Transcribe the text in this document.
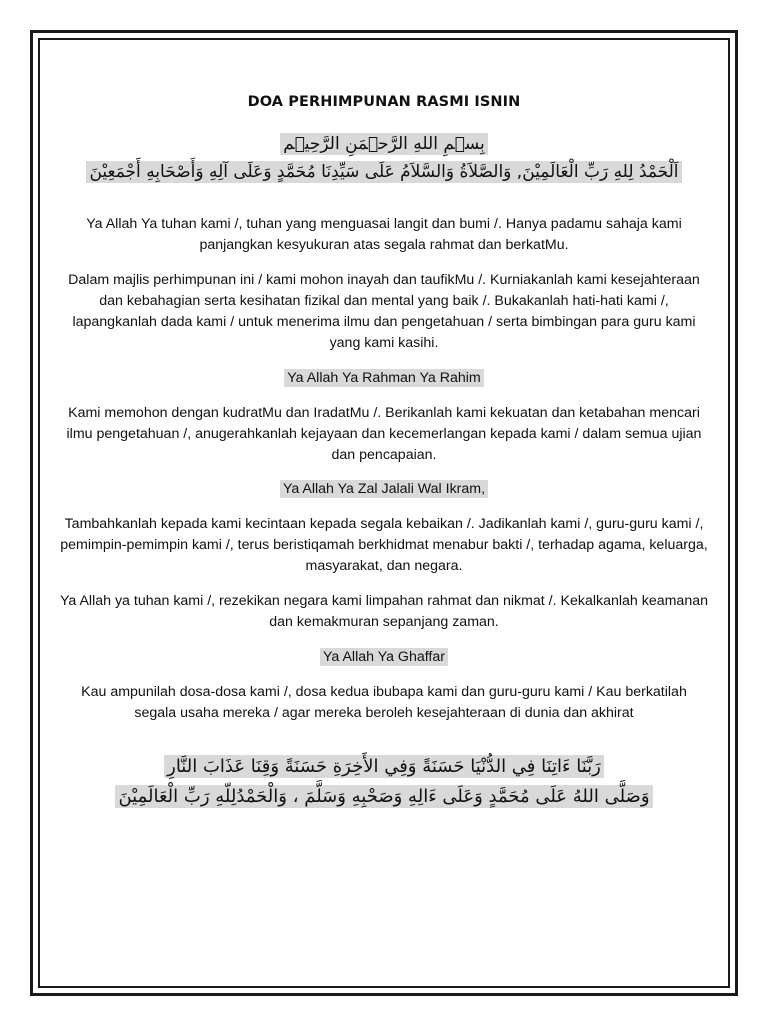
DOA PERHIMPUNAN RASMI ISNIN
بِسۡمِ اللهِ الرَّحۡمَنِ الرَّحِيۡم
اَلْحَمْدُ لِلهِ رَبِّ الْعَالَمِيْنَ, وَالصَّلاَةُ وَالسَّلاَمُ عَلَى سَيِّدِنَا مُحَمَّدٍ وَعَلَى آلِهِ وَأَصْحَابِهِ أَجْمَعِيْنَ

Ya Allah Ya tuhan kami /, tuhan yang menguasai langit dan bumi /. Hanya padamu sahaja kami panjangkan kesyukuran atas segala rahmat dan berkatMu.

Dalam majlis perhimpunan ini / kami mohon inayah dan taufikMu /. Kurniakanlah kami kesejahteraan dan kebahagian serta kesihatan fizikal dan mental yang baik /. Bukakanlah hati-hati kami /, lapangkanlah dada kami / untuk menerima ilmu dan pengetahuan / serta bimbingan para guru kami yang kami kasihi.

Ya Allah Ya Rahman Ya Rahim

Kami memohon dengan kudratMu dan IradatMu /. Berikanlah kami kekuatan dan ketabahan mencari ilmu pengetahuan /, anugerahkanlah kejayaan dan kecemerlangan kepada kami / dalam semua ujian dan pencapaian.

Ya Allah Ya Zal Jalali Wal Ikram,

Tambahkanlah kepada kami kecintaan kepada segala kebaikan /. Jadikanlah kami /, guru-guru kami /, pemimpin-pemimpin kami /, terus beristiqamah berkhidmat menabur bakti /, terhadap agama, keluarga, masyarakat, dan negara.

Ya Allah ya tuhan kami /, rezekikan negara kami limpahan rahmat dan nikmat /. Kekalkanlah keamanan dan kemakmuran sepanjang zaman.

Ya Allah Ya Ghaffar

Kau ampunilah dosa-dosa kami /, dosa kedua ibubapa kami dan guru-guru kami / Kau berkatilah segala usaha mereka / agar mereka beroleh kesejahteraan di dunia dan akhirat

رَبَّنَا ءَاتِنَا فِي الدُّنْيَا حَسَنَةً وَفِي الأَخِرَةِ حَسَنَةً وَقِنَا عَذَابَ النَّارِ
وَصَلَّى اللهُ عَلَى مُحَمَّدٍ وَعَلَى ءَالِهِ وَصَحْبِهِ وَسَلَّمَ ، وَالْحَمْدُلِلّهِ رَبِّ الْعَالَمِيْنَ
